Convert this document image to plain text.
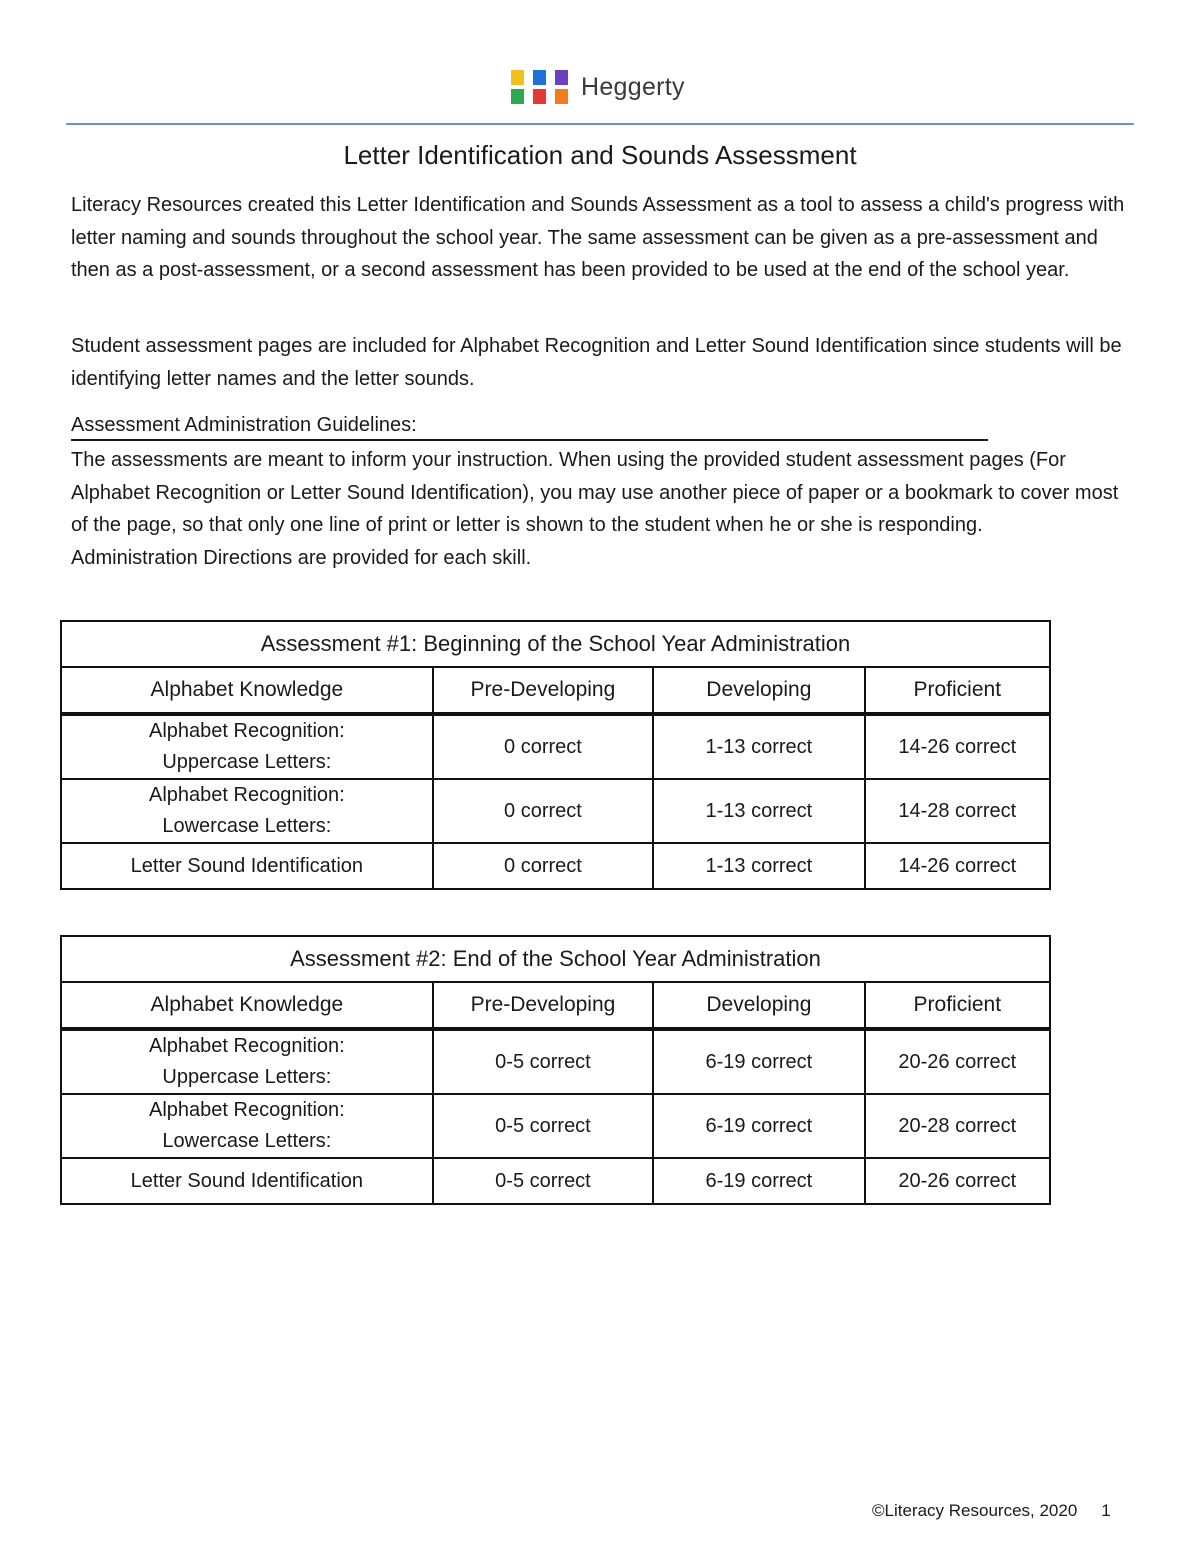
Heggerty
Letter Identification and Sounds Assessment

Literacy Resources created this Letter Identification and Sounds Assessment as a tool to assess a child's progress with letter naming and sounds throughout the school year. The same assessment can be given as a pre-assessment and then as a post-assessment, or a second assessment has been provided to be used at the end of the school year.

Student assessment pages are included for Alphabet Recognition and Letter Sound Identification since students will be identifying letter names and the letter sounds.

Assessment Administration Guidelines:

The assessments are meant to inform your instruction. When using the provided student assessment pages (For Alphabet Recognition or Letter Sound Identification), you may use another piece of paper or a bookmark to cover most of the page, so that only one line of print or letter is shown to the student when he or she is responding.

Administration Directions are provided for each skill.

Assessment #1: Beginning of the School Year Administration			
Alphabet Knowledge	Pre-Developing	Developing	Proficient
Alphabet Recognition:
Uppercase Letters:	0 correct	1-13 correct	14-26 correct
Alphabet Recognition:
Lowercase Letters:	0 correct	1-13 correct	14-28 correct
Letter Sound Identification	0 correct	1-13 correct	14-26 correct
Assessment #2: End of the School Year Administration			
Alphabet Knowledge	Pre-Developing	Developing	Proficient
Alphabet Recognition:
Uppercase Letters:	0-5 correct	6-19 correct	20-26 correct
Alphabet Recognition:
Lowercase Letters:	0-5 correct	6-19 correct	20-28 correct
Letter Sound Identification	0-5 correct	6-19 correct	20-26 correct
©Literacy Resources, 2020 1
